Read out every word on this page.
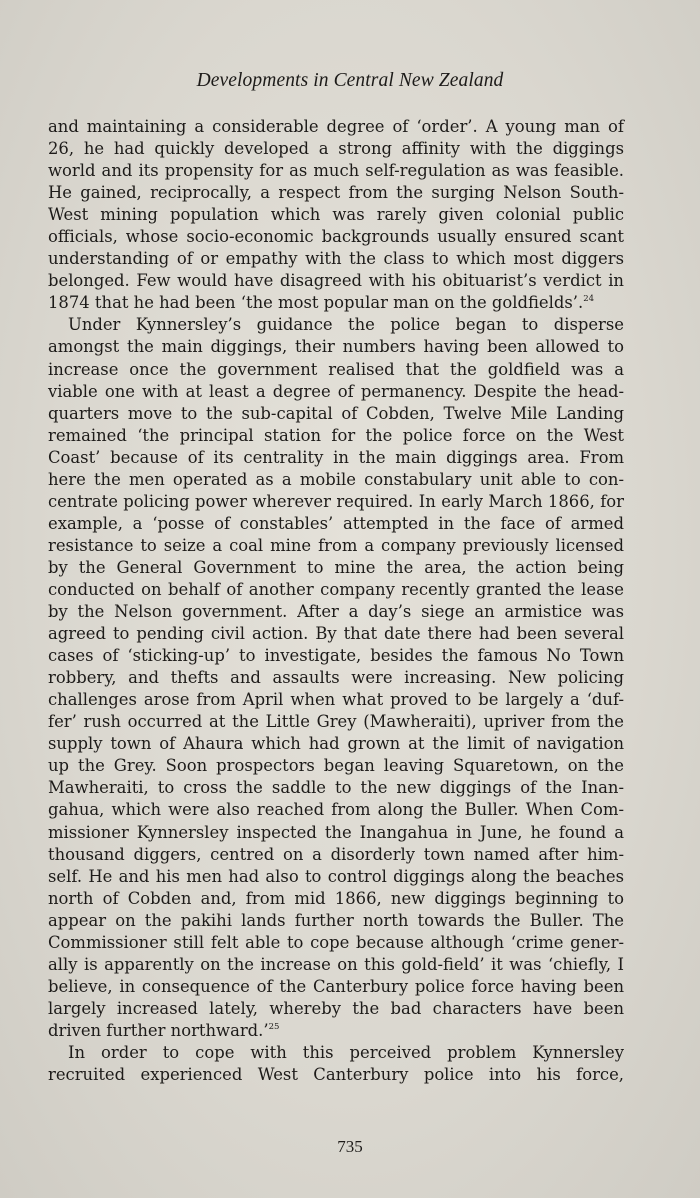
Developments in Central New Zealand
and maintaining a considerable degree of ‘order’. A young man of
26, he had quickly developed a strong affinity with the diggings
world and its propensity for as much self-regulation as was feasible.
He gained, reciprocally, a respect from the surging Nelson South-
West mining population which was rarely given colonial public
officials, whose socio-economic backgrounds usually ensured scant
understanding of or empathy with the class to which most diggers
belonged. Few would have disagreed with his obituarist’s verdict in
1874 that he had been ‘the most popular man on the goldfields’.$^{24}$
Under Kynnersley’s guidance the police began to disperse
amongst the main diggings, their numbers having been allowed to
increase once the government realised that the goldfield was a
viable one with at least a degree of permanency. Despite the head-
quarters move to the sub-capital of Cobden, Twelve Mile Landing
remained ‘the principal station for the police force on the West
Coast’ because of its centrality in the main diggings area. From
here the men operated as a mobile constabulary unit able to con-
centrate policing power wherever required. In early March 1866, for
example, a ‘posse of constables’ attempted in the face of armed
resistance to seize a coal mine from a company previously licensed
by the General Government to mine the area, the action being
conducted on behalf of another company recently granted the lease
by the Nelson government. After a day’s siege an armistice was
agreed to pending civil action. By that date there had been several
cases of ‘sticking-up’ to investigate, besides the famous No Town
robbery, and thefts and assaults were increasing. New policing
challenges arose from April when what proved to be largely a ‘duf-
fer’ rush occurred at the Little Grey (Mawheraiti), upriver from the
supply town of Ahaura which had grown at the limit of navigation
up the Grey. Soon prospectors began leaving Squaretown, on the
Mawheraiti, to cross the saddle to the new diggings of the Inan-
gahua, which were also reached from along the Buller. When Com-
missioner Kynnersley inspected the Inangahua in June, he found a
thousand diggers, centred on a disorderly town named after him-
self. He and his men had also to control diggings along the beaches
north of Cobden and, from mid 1866, new diggings beginning to
appear on the pakihi lands further north towards the Buller. The
Commissioner still felt able to cope because although ‘crime gener-
ally is apparently on the increase on this gold-field’ it was ‘chiefly, I
believe, in consequence of the Canterbury police force having been
largely increased lately, whereby the bad characters have been
driven further northward.’$^{25}$
In order to cope with this perceived problem Kynnersley
recruited experienced West Canterbury police into his force,
735
